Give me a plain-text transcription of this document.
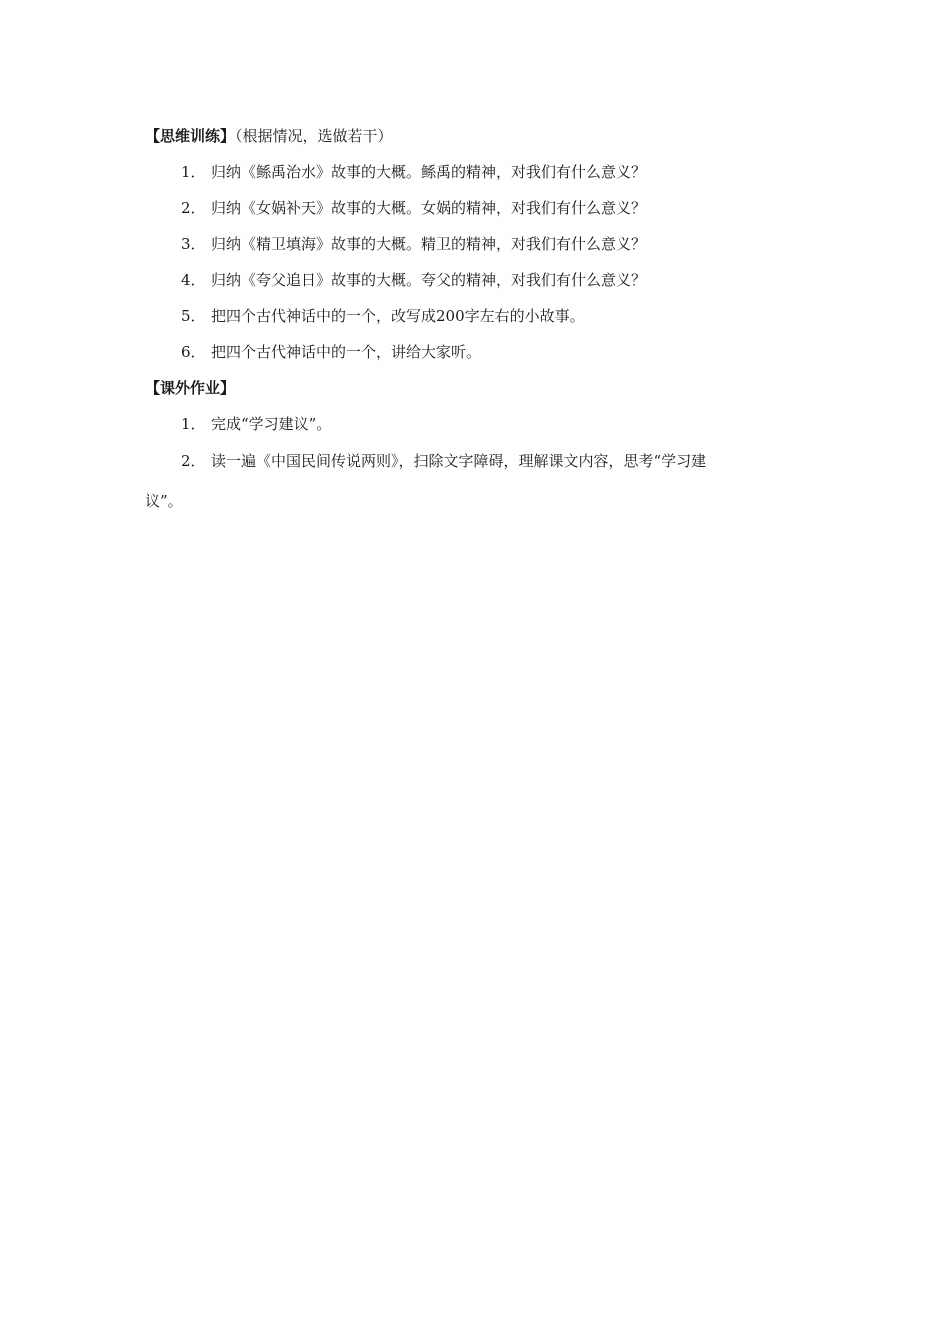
【思维训练】（根据情况，选做若干）
1． 归纳《鲧禹治水》故事的大概。鲧禹的精神，对我们有什么意义？
2． 归纳《女娲补天》故事的大概。女娲的精神，对我们有什么意义？
3． 归纳《精卫填海》故事的大概。精卫的精神，对我们有什么意义？
4． 归纳《夸父追日》故事的大概。夸父的精神，对我们有什么意义？
5． 把四个古代神话中的一个，改写成200字左右的小故事。
6． 把四个古代神话中的一个，讲给大家听。
【课外作业】
1． 完成“学习建议”。
2． 读一遍《中国民间传说两则》，扫除文字障碍，理解课文内容，思考“学习建
议”。
